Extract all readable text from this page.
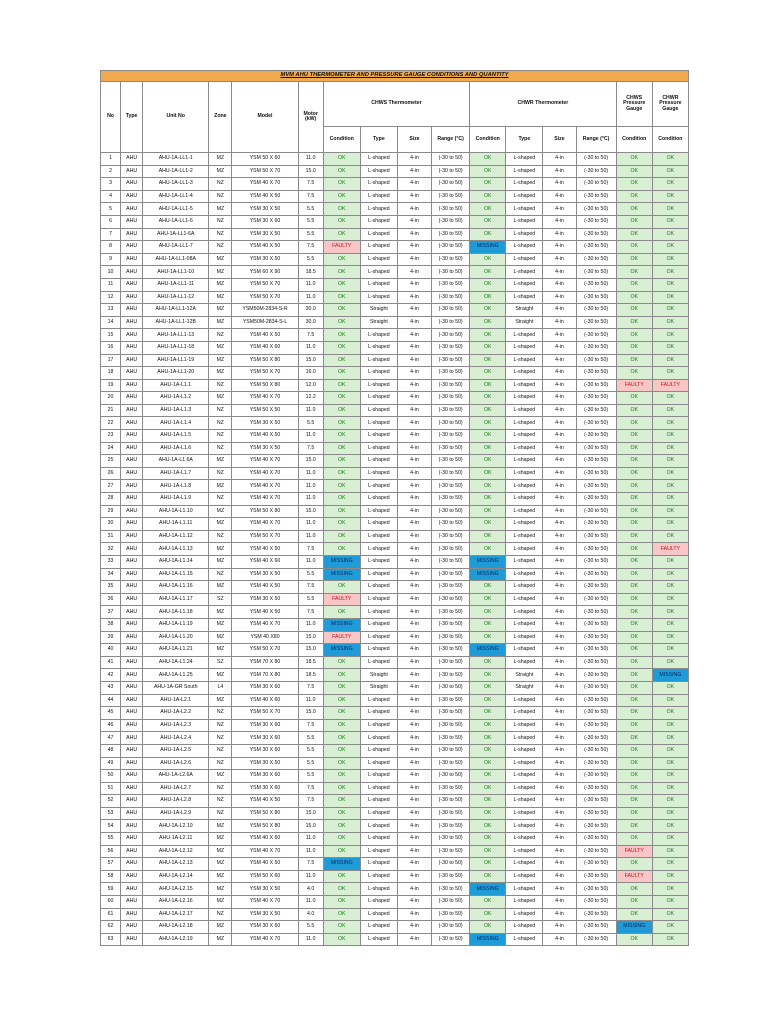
MVM AHU THERMOMETER AND PRESSURE GAUGE CONDITIONS AND QUANTITY															
No	Type	Unit No	Zone	Model	Motor (kW)	CHWS Thermometer				CHWR Thermometer				CHWS Pressure Gauge	CHWR Pressure Gauge
						Condition	Type	Size	Range (°C)	Condition	Type	Size	Range (°C)	Condition	Condition
1	AHU	AHU-1A-LL1-1	MZ	YSM 50 X 60	11.0	OK	L-shaped	4-in	(-30 to 50)	OK	L-shaped	4-in	(-30 to 50)	OK	OK
2	AHU	AHU-1A-LL1-2	MZ	YSM 50 X 70	15.0	OK	L-shaped	4-in	(-30 to 50)	OK	L-shaped	4-in	(-30 to 50)	OK	OK
3	AHU	AHU-1A-LL1-3	NZ	YSM 40 X 70	7.5	OK	L-shaped	4-in	(-30 to 50)	OK	L-shaped	4-in	(-30 to 50)	OK	OK
4	AHU	AHU-1A-LL1-4	NZ	YSM 40 X 50	7.5	OK	L-shaped	4-in	(-30 to 50)	OK	L-shaped	4-in	(-30 to 50)	OK	OK
5	AHU	AHU-1A-LL1-5	MZ	YSM 30 X 50	5.5	OK	L-shaped	4-in	(-30 to 50)	OK	L-shaped	4-in	(-30 to 50)	OK	OK
6	AHU	AHU-1A-LL1-6	NZ	YSM 30 X 60	5.5	OK	L-shaped	4-in	(-30 to 50)	OK	L-shaped	4-in	(-30 to 50)	OK	OK
7	AHU	AHU-1A-LL1-6A	NZ	YSM 30 X 50	5.5	OK	L-shaped	4-in	(-30 to 50)	OK	L-shaped	4-in	(-30 to 50)	OK	OK
8	AHU	AHU-1A-LL1-7	NZ	YSM 40 X 50	7.5	FAULTY	L-shaped	4-in	(-30 to 50)	MISSING	L-shaped	4-in	(-30 to 50)	OK	OK
9	AHU	AHU-1A-LL1-08A	MZ	YSM 30 X 50	5.5	OK	L-shaped	4-in	(-30 to 50)	OK	L-shaped	4-in	(-30 to 50)	OK	OK
10	AHU	AHU-1A-LL1-10	MZ	YSM 60 X 90	18.5	OK	L-shaped	4-in	(-30 to 50)	OK	L-shaped	4-in	(-30 to 50)	OK	OK
11	AHU	AHU-1A-LL1-11	MZ	YSM 50 X 70	11.0	OK	L-shaped	4-in	(-30 to 50)	OK	L-shaped	4-in	(-30 to 50)	OK	OK
12	AHU	AHU-1A-LL1-12	MZ	YSM 50 X 70	11.0	OK	L-shaped	4-in	(-30 to 50)	OK	L-shaped	4-in	(-30 to 50)	OK	OK
13	AHU	AHU-1A-LL1-12A	MZ	YSM50M-2834-S-R	30.0	OK	Straight	4-in	(-30 to 50)	OK	Straight	4-in	(-30 to 50)	OK	OK
14	AHU	AHU-1A-LL1-12B	MZ	YSM50M-2834-S-L	30.0	OK	Straight	4-in	(-30 to 50)	OK	Straight	4-in	(-30 to 50)	OK	OK
15	AHU	AHU-1A-LL1-13	NZ	YSM 40 X 50	7.5	OK	L-shaped	4-in	(-30 to 50)	OK	L-shaped	4-in	(-30 to 50)	OK	OK
16	AHU	AHU-1A-LL1-18	MZ	YSM 40 X 60	11.0	OK	L-shaped	4-in	(-30 to 50)	OK	L-shaped	4-in	(-30 to 50)	OK	OK
17	AHU	AHU-1A-LL1-19	MZ	YSM 50 X 80	15.0	OK	L-shaped	4-in	(-30 to 50)	OK	L-shaped	4-in	(-30 to 50)	OK	OK
18	AHU	AHU-1A-LL1-20	MZ	YSM 50 X 70	16.0	OK	L-shaped	4-in	(-30 to 50)	OK	L-shaped	4-in	(-30 to 50)	OK	OK
19	AHU	AHU-1A-L1.1	NZ	YSM 50 X 80	12.0	OK	L-shaped	4-in	(-30 to 50)	OK	L-shaped	4-in	(-30 to 50)	FAULTY	FAULTY
20	AHU	AHU-1A-L1.2	MZ	YSM 40 X 70	12.2	OK	L-shaped	4-in	(-30 to 50)	OK	L-shaped	4-in	(-30 to 50)	OK	OK
21	AHU	AHU-1A-L1.3	NZ	YSM 50 X 50	11.0	OK	L-shaped	4-in	(-30 to 50)	OK	L-shaped	4-in	(-30 to 50)	OK	OK
22	AHU	AHU-1A-L1.4	NZ	YSM 30 X 50	5.5	OK	L-shaped	4-in	(-30 to 50)	OK	L-shaped	4-in	(-30 to 50)	OK	OK
23	AHU	AHU-1A-L1.5	NZ	YSM 40 X 50	11.0	OK	L-shaped	4-in	(-30 to 50)	OK	L-shaped	4-in	(-30 to 50)	OK	OK
24	AHU	AHU-1A-L1.6	NZ	YSM 30 X 50	7.5	OK	L-shaped	4-in	(-30 to 50)	OK	L-shaped	4-in	(-30 to 50)	OK	OK
25	AHU	AHU-1A-L1.6A	MZ	YSM 40 X 70	15.0	OK	L-shaped	4-in	(-30 to 50)	OK	L-shaped	4-in	(-30 to 50)	OK	OK
26	AHU	AHU-1A-L1.7	NZ	YSM 40 X 70	11.0	OK	L-shaped	4-in	(-30 to 50)	OK	L-shaped	4-in	(-30 to 50)	OK	OK
27	AHU	AHU-1A-L1.8	MZ	YSM 40 X 70	11.0	OK	L-shaped	4-in	(-30 to 50)	OK	L-shaped	4-in	(-30 to 50)	OK	OK
28	AHU	AHU-1A-L1.9	NZ	YSM 40 X 70	11.0	OK	L-shaped	4-in	(-30 to 50)	OK	L-shaped	4-in	(-30 to 50)	OK	OK
29	AHU	AHU-1A-L1.10	MZ	YSM 50 X 80	15.0	OK	L-shaped	4-in	(-30 to 50)	OK	L-shaped	4-in	(-30 to 50)	OK	OK
30	AHU	AHU-1A-L1.11	MZ	YSM 40 X 70	11.0	OK	L-shaped	4-in	(-30 to 50)	OK	L-shaped	4-in	(-30 to 50)	OK	OK
31	AHU	AHU-1A-L1.12	NZ	YSM 50 X 70	11.0	OK	L-shaped	4-in	(-30 to 50)	OK	L-shaped	4-in	(-30 to 50)	OK	OK
32	AHU	AHU-1A-L1.13	MZ	YSM 40 X 50	7.5	OK	L-shaped	4-in	(-30 to 50)	OK	L-shaped	4-in	(-30 to 50)	OK	FAULTY
33	AHU	AHU-1A-L1.14	MZ	YSM 40 X 60	11.0	MISSING	L-shaped	4-in	(-30 to 50)	MISSING	L-shaped	4-in	(-30 to 50)	OK	OK
34	AHU	AHU-1A-L1.15	NZ	YSM 30 X 50	5.5	MISSING	L-shaped	4-in	(-30 to 50)	MISSING	L-shaped	4-in	(-30 to 50)	OK	OK
35	AHU	AHU-1A-L1.16	MZ	YSM 40 X 50	7.5	OK	L-shaped	4-in	(-30 to 50)	OK	L-shaped	4-in	(-30 to 50)	OK	OK
36	AHU	AHU-1A-L1.17	SZ	YSM 30 X 50	5.5	FAULTY	L-shaped	4-in	(-30 to 50)	OK	L-shaped	4-in	(-30 to 50)	OK	OK
37	AHU	AHU-1A-L1.18	MZ	YSM 40 X 50	7.5	OK	L-shaped	4-in	(-30 to 50)	OK	L-shaped	4-in	(-30 to 50)	OK	OK
38	AHU	AHU-1A-L1.19	MZ	YSM 40 X 70	11.0	MISSING	L-shaped	4-in	(-30 to 50)	OK	L-shaped	4-in	(-30 to 50)	OK	OK
39	AHU	AHU-1A-L1.20	MZ	YSM 40 X80	15.0	FAULTY	L-shaped	4-in	(-30 to 50)	OK	L-shaped	4-in	(-30 to 50)	OK	OK
40	AHU	AHU-1A-L1.21	MZ	YSM 50 X 70	15.0	MISSING	L-shaped	4-in	(-30 to 50)	MISSING	L-shaped	4-in	(-30 to 50)	OK	OK
41	AHU	AHU-1A-L1.24	SZ	YSM 70 X 80	18.5	OK	L-shaped	4-in	(-30 to 50)	OK	L-shaped	4-in	(-30 to 50)	OK	OK
42	AHU	AHU-1A-L1.25	MZ	YSM 70 X 80	18.5	OK	Straight	4-in	(-30 to 50)	OK	Straight	4-in	(-30 to 50)	OK	MISSING
43	AHU	AHU-1A-GR South	L4	YSM 30 X 60	7.5	OK	Straight	4-in	(-30 to 50)	OK	Straight	4-in	(-30 to 50)	OK	OK
44	AHU	AHU-1A-L2.1	MZ	YSM 40 X 60	11.0	OK	L-shaped	4-in	(-30 to 50)	OK	L-shaped	4-in	(-30 to 50)	OK	OK
45	AHU	AHU-1A-L2.2	NZ	YSM 50 X 70	15.0	OK	L-shaped	4-in	(-30 to 50)	OK	L-shaped	4-in	(-30 to 50)	OK	OK
46	AHU	AHU-1A-L2.3	NZ	YSM 30 X 60	7.5	OK	L-shaped	4-in	(-30 to 50)	OK	L-shaped	4-in	(-30 to 50)	OK	OK
47	AHU	AHU-1A-L2.4	NZ	YSM 30 X 60	5.5	OK	L-shaped	4-in	(-30 to 50)	OK	L-shaped	4-in	(-30 to 50)	OK	OK
48	AHU	AHU-1A-L2.5	NZ	YSM 30 X 60	5.5	OK	L-shaped	4-in	(-30 to 50)	OK	L-shaped	4-in	(-30 to 50)	OK	OK
49	AHU	AHU-1A-L2.6	NZ	YSM 30 X 50	5.5	OK	L-shaped	4-in	(-30 to 50)	OK	L-shaped	4-in	(-30 to 50)	OK	OK
50	AHU	AHU-1A-L2.6A	MZ	YSM 30 X 60	5.5	OK	L-shaped	4-in	(-30 to 50)	OK	L-shaped	4-in	(-30 to 50)	OK	OK
51	AHU	AHU-1A-L2.7	NZ	YSM 30 X 60	7.5	OK	L-shaped	4-in	(-30 to 50)	OK	L-shaped	4-in	(-30 to 50)	OK	OK
52	AHU	AHU-1A-L2.8	NZ	YSM 40 X 50	7.5	OK	L-shaped	4-in	(-30 to 50)	OK	L-shaped	4-in	(-30 to 50)	OK	OK
53	AHU	AHU-1A-L2.9	NZ	YSM 50 X 80	15.0	OK	L-shaped	4-in	(-30 to 50)	OK	L-shaped	4-in	(-30 to 50)	OK	OK
54	AHU	AHU-1A-L2.10	MZ	YSM 50 X 80	15.0	OK	L-shaped	4-in	(-30 to 50)	OK	L-shaped	4-in	(-30 to 50)	OK	OK
55	AHU	AHU-1A-L2.11	MZ	YSM 40 X 60	11.0	OK	L-shaped	4-in	(-30 to 50)	OK	L-shaped	4-in	(-30 to 50)	OK	OK
56	AHU	AHU-1A-L2.12	MZ	YSM 40 X 70	11.0	OK	L-shaped	4-in	(-30 to 50)	OK	L-shaped	4-in	(-30 to 50)	FAULTY	OK
57	AHU	AHU-1A-L2.13	MZ	YSM 40 X 50	7.5	MISSING	L-shaped	4-in	(-30 to 50)	OK	L-shaped	4-in	(-30 to 50)	OK	OK
58	AHU	AHU-1A-L2.14	MZ	YSM 50 X 60	11.0	OK	L-shaped	4-in	(-30 to 50)	OK	L-shaped	4-in	(-30 to 50)	FAULTY	OK
59	AHU	AHU-1A-L2.15	MZ	YSM 30 X 50	4.0	OK	L-shaped	4-in	(-30 to 50)	MISSING	L-shaped	4-in	(-30 to 50)	OK	OK
60	AHU	AHU-1A-L2.16	MZ	YSM 40 X 70	11.0	OK	L-shaped	4-in	(-30 to 50)	OK	L-shaped	4-in	(-30 to 50)	OK	OK
61	AHU	AHU-1A-L2.17	NZ	YSM 30 X 50	4.0	OK	L-shaped	4-in	(-30 to 50)	OK	L-shaped	4-in	(-30 to 50)	OK	OK
62	AHU	AHU-1A-L2.18	MZ	YSM 30 X 60	5.5	OK	L-shaped	4-in	(-30 to 50)	OK	L-shaped	4-in	(-30 to 50)	MISSING	OK
63	AHU	AHU-1A-L2.19	MZ	YSM 40 X 70	11.0	OK	L-shaped	4-in	(-30 to 50)	MISSING	L-shaped	4-in	(-30 to 50)	OK	OK
